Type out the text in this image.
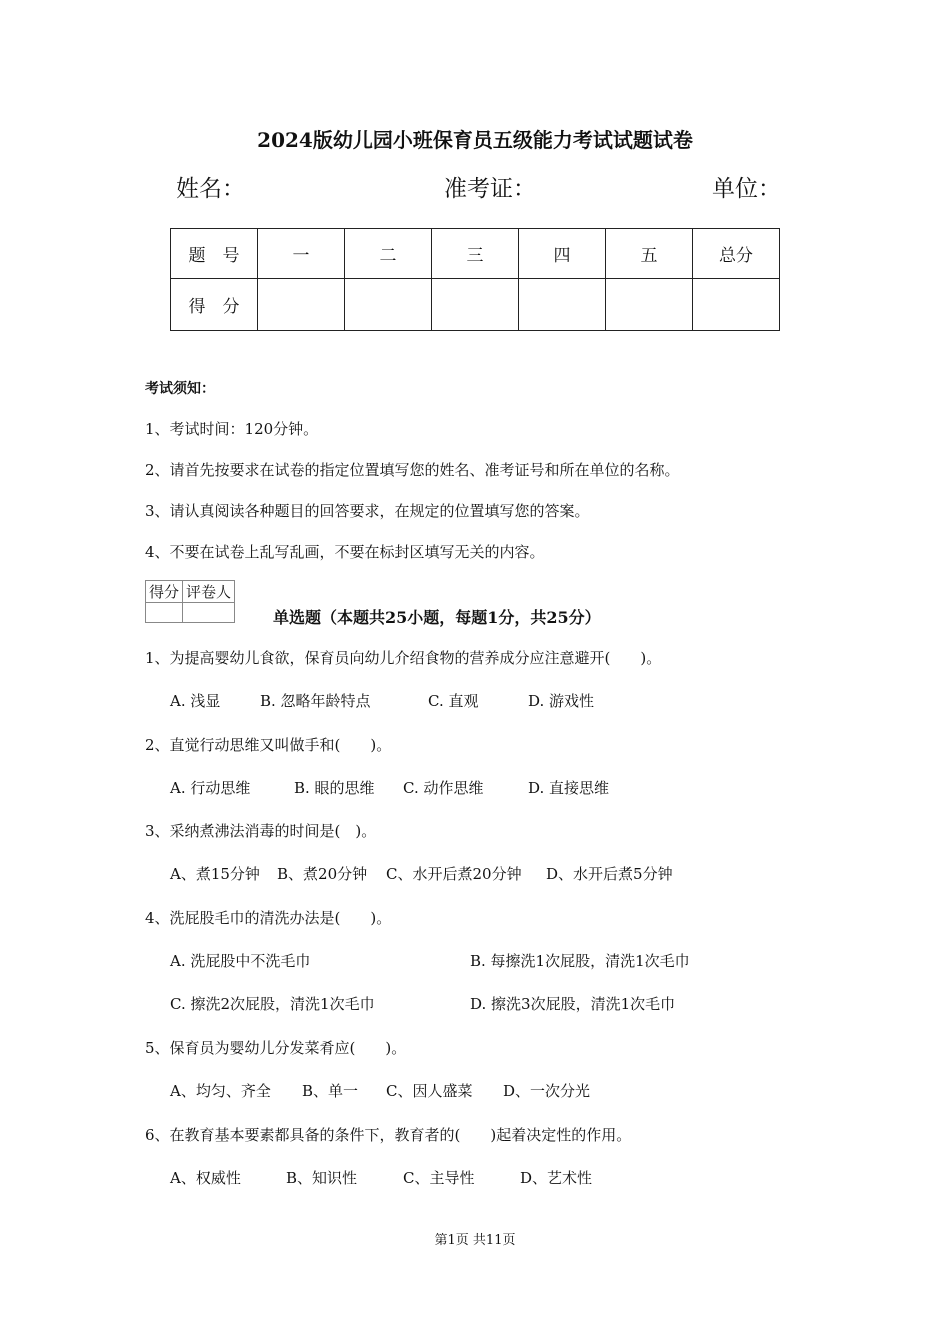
2024版幼儿园小班保育员五级能力考试试题试卷
姓名：	准考证：	单位：
题　号	一	二	三	四	五	总分
得　分						
考试须知：
1、考试时间：120分钟。
2、请首先按要求在试卷的指定位置填写您的姓名、准考证号和所在单位的名称。
3、请认真阅读各种题目的回答要求，在规定的位置填写您的答案。
4、不要在试卷上乱写乱画，不要在标封区填写无关的内容。
得分	评卷人

单选题（本题共25小题，每题1分，共25分）
1、为提高婴幼儿食欲，保育员向幼儿介绍食物的营养成分应注意避开(　　)。
A. 浅显	B. 忽略年龄特点	C. 直观	D. 游戏性
2、直觉行动思维又叫做手和(　　)。
A. 行动思维	B. 眼的思维 C. 动作思维	D. 直接思维
3、采纳煮沸法消毒的时间是(　)。
A、煮15分钟 B、煮20分钟 C、水开后煮20分钟 D、水开后煮5分钟
4、洗屁股毛巾的清洗办法是(　　)。
A. 洗屁股中不洗毛巾	B. 每擦洗1次屁股，清洗1次毛巾
C. 擦洗2次屁股，清洗1次毛巾	D. 擦洗3次屁股，清洗1次毛巾
5、保育员为婴幼儿分发菜肴应(　　)。
A、均匀、齐全 B、单一 C、因人盛菜 D、一次分光
6、在教育基本要素都具备的条件下，教育者的(　　)起着决定性的作用。
A、权威性	B、知识性	C、主导性	D、艺术性
第1页 共11页
